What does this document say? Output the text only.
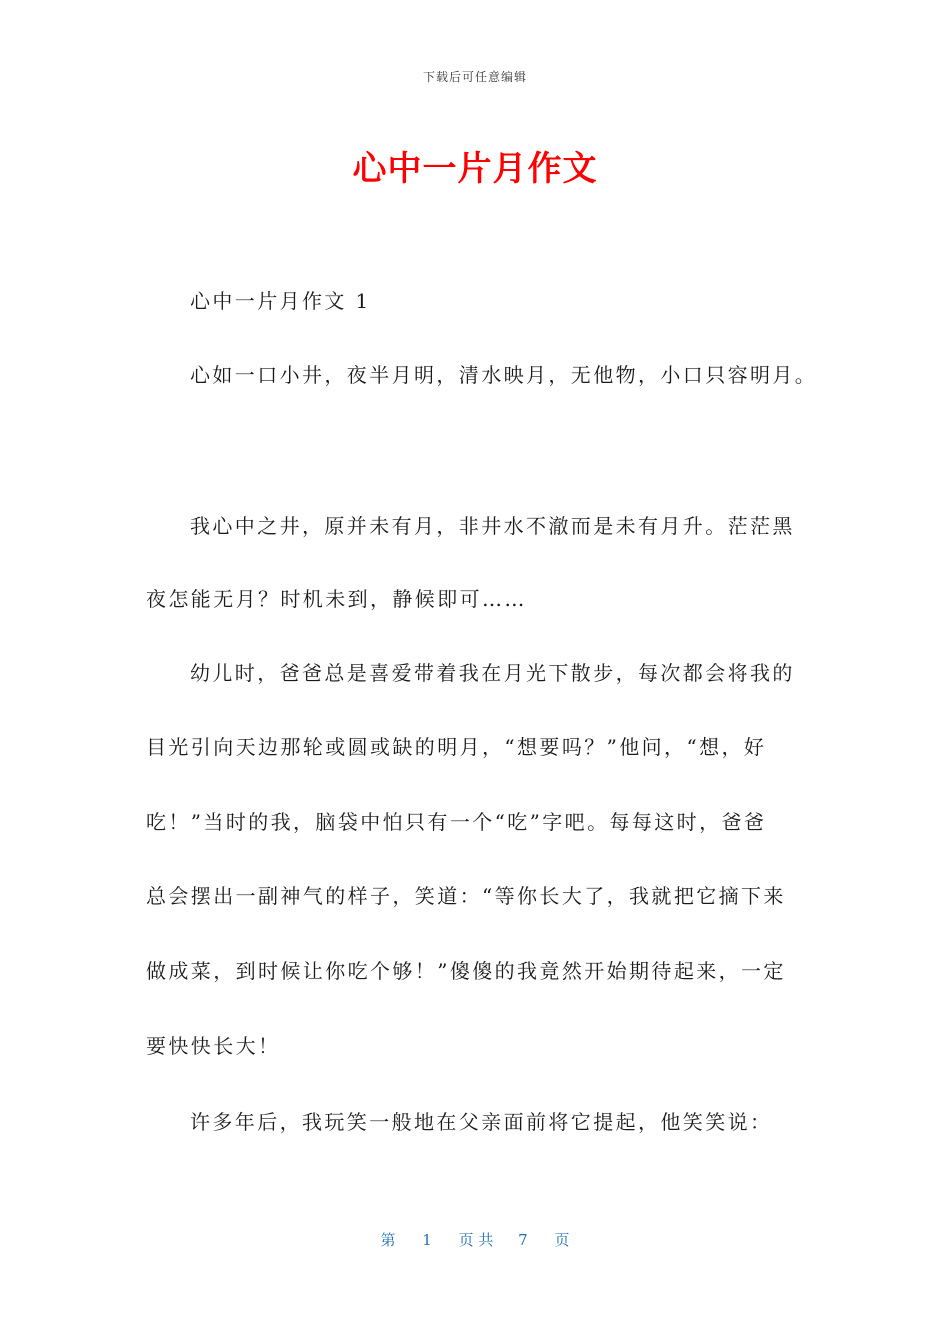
下载后可任意编辑
心中一片月作文

心中一片月作文 1

心如一口小井，夜半月明，清水映月，无他物，小口只容明月。

我心中之井，原并未有月，非井水不澈而是未有月升。茫茫黑

夜怎能无月？时机未到，静候即可……

幼儿时，爸爸总是喜爱带着我在月光下散步，每次都会将我的

目光引向天边那轮或圆或缺的明月，“想要吗？”他问，“想，好

吃！”当时的我，脑袋中怕只有一个“吃”字吧。每每这时，爸爸

总会摆出一副神气的样子，笑道：“等你长大了，我就把它摘下来

做成菜，到时候让你吃个够！”傻傻的我竟然开始期待起来，一定

要快快长大！

许多年后，我玩笑一般地在父亲面前将它提起，他笑笑说：

第 1 页 共 7 页
